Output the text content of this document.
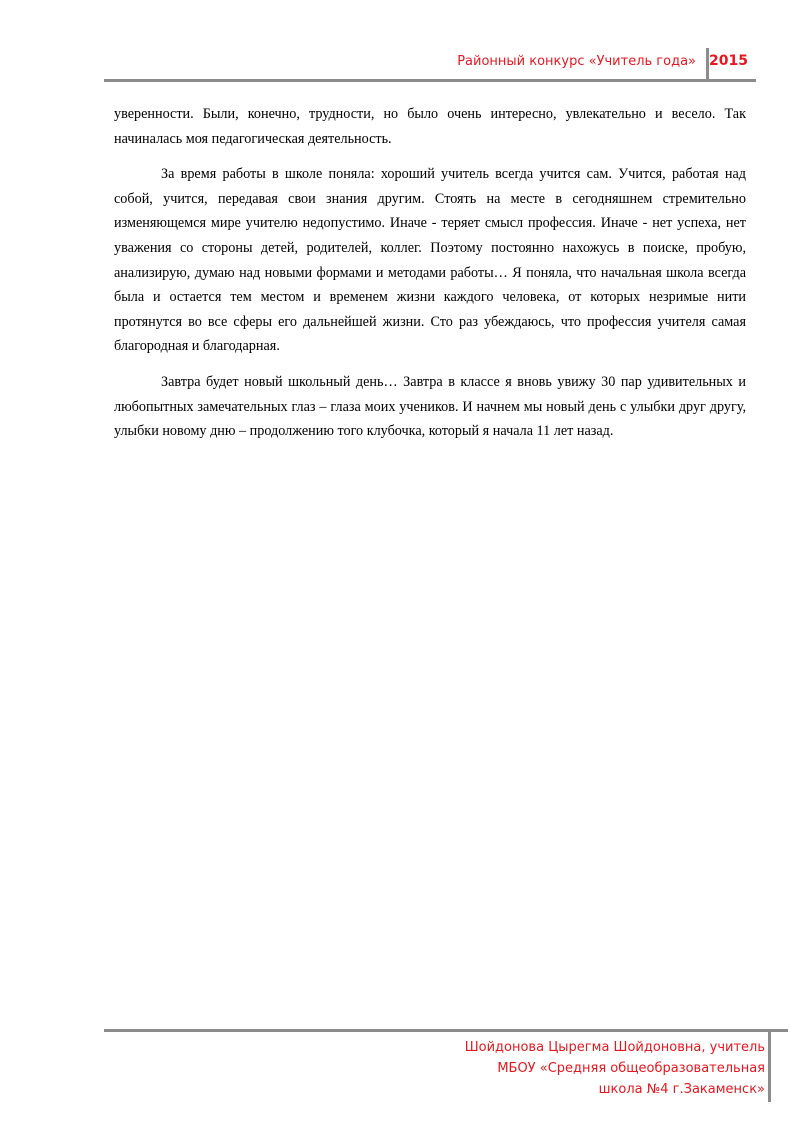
Районный конкурс «Учитель года» 2015

уверенности. Были, конечно, трудности, но было очень интересно, увлекательно и весело. Так начиналась моя педагогическая деятельность.

За время работы в школе поняла: хороший учитель всегда учится сам. Учится, работая над собой, учится, передавая свои знания другим. Стоять на месте в сегодняшнем стремительно изменяющемся мире учителю недопустимо. Иначе - теряет смысл профессия. Иначе - нет успеха, нет уважения со стороны детей, родителей, коллег. Поэтому постоянно нахожусь в поиске, пробую, анализирую, думаю над новыми формами и методами работы… Я поняла, что начальная школа всегда была и остается тем местом и временем жизни каждого человека, от которых незримые нити протянутся во все сферы его дальнейшей жизни. Сто раз убеждаюсь, что профессия учителя самая благородная и благодарная.

Завтра будет новый школьный день… Завтра в классе я вновь увижу 30 пар удивительных и любопытных замечательных глаз – глаза моих учеников. И начнем мы новый день с улыбки друг другу, улыбки новому дню – продолжению того клубочка, который я начала 11 лет назад.

Шойдонова Цырегма Шойдоновна, учитель
МБОУ «Средняя общеобразовательная
школа №4 г.Закаменск»
